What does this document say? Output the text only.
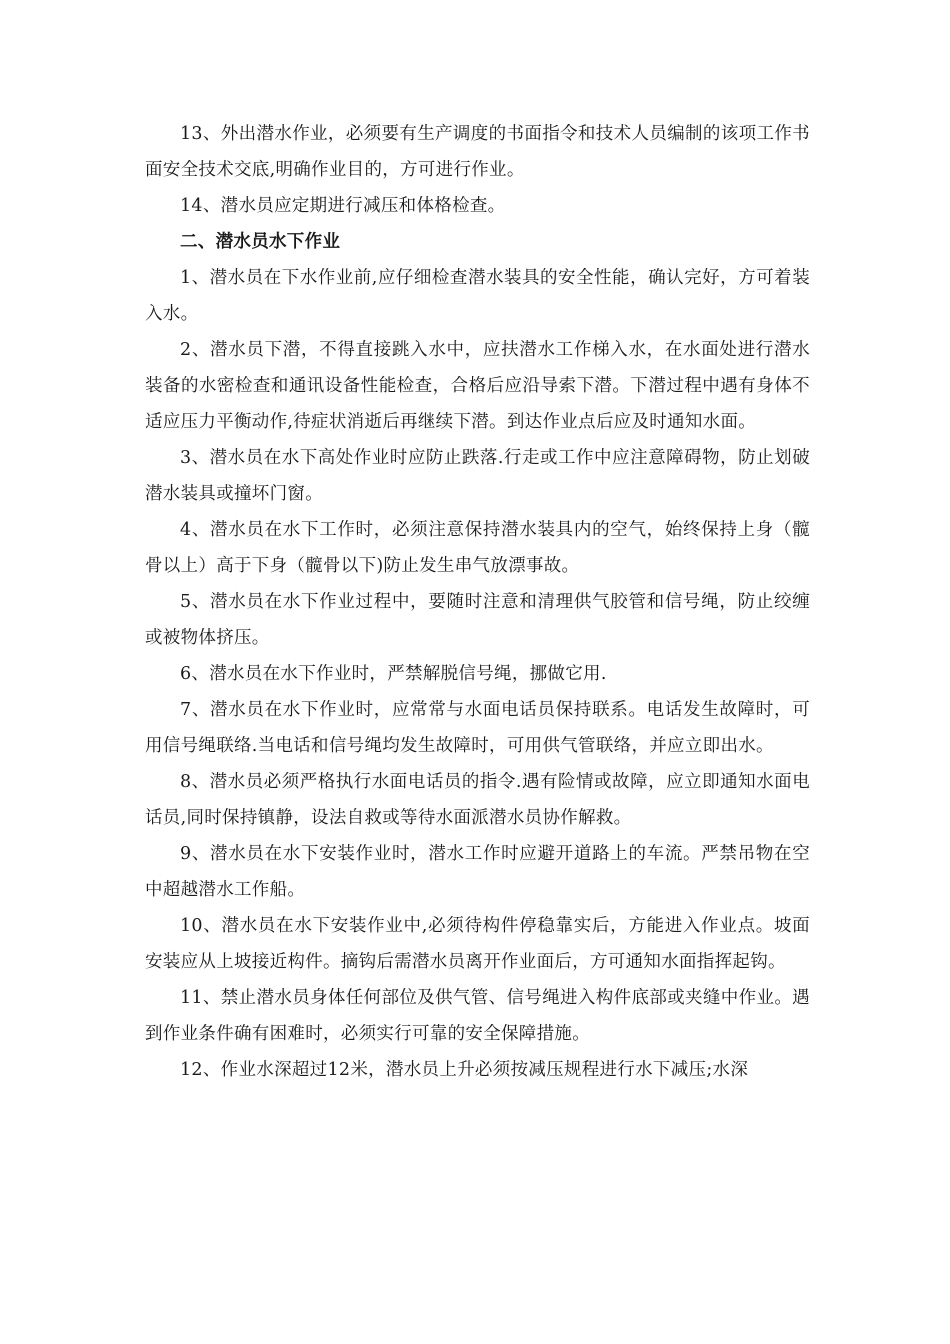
13、外出潜水作业，必须要有生产调度的书面指令和技术人员编制的该项工作书面安全技术交底,明确作业目的，方可进行作业。

14、潜水员应定期进行减压和体格检查。

二、潜水员水下作业

1、潜水员在下水作业前,应仔细检查潜水装具的安全性能，确认完好，方可着装入水。

2、潜水员下潜，不得直接跳入水中，应扶潜水工作梯入水，在水面处进行潜水装备的水密检查和通讯设备性能检查，合格后应沿导索下潜。下潜过程中遇有身体不适应压力平衡动作,待症状消逝后再继续下潜。到达作业点后应及时通知水面。

3、潜水员在水下高处作业时应防止跌落.行走或工作中应注意障碍物，防止划破潜水装具或撞坏门窗。

4、潜水员在水下工作时，必须注意保持潜水装具内的空气，始终保持上身（髋骨以上）高于下身（髋骨以下)防止发生串气放漂事故。

5、潜水员在水下作业过程中，要随时注意和清理供气胶管和信号绳，防止绞缠或被物体挤压。

6、潜水员在水下作业时，严禁解脱信号绳，挪做它用.

7、潜水员在水下作业时，应常常与水面电话员保持联系。电话发生故障时，可用信号绳联络.当电话和信号绳均发生故障时，可用供气管联络，并应立即出水。

8、潜水员必须严格执行水面电话员的指令.遇有险情或故障，应立即通知水面电话员,同时保持镇静，设法自救或等待水面派潜水员协作解救。

9、潜水员在水下安装作业时，潜水工作时应避开道路上的车流。严禁吊物在空中超越潜水工作船。

10、潜水员在水下安装作业中,必须待构件停稳靠实后，方能进入作业点。坡面安装应从上坡接近构件。摘钩后需潜水员离开作业面后，方可通知水面指挥起钩。

11、禁止潜水员身体任何部位及供气管、信号绳进入构件底部或夹缝中作业。遇到作业条件确有困难时，必须实行可靠的安全保障措施。

12、作业水深超过12米，潜水员上升必须按减压规程进行水下减压;水深
